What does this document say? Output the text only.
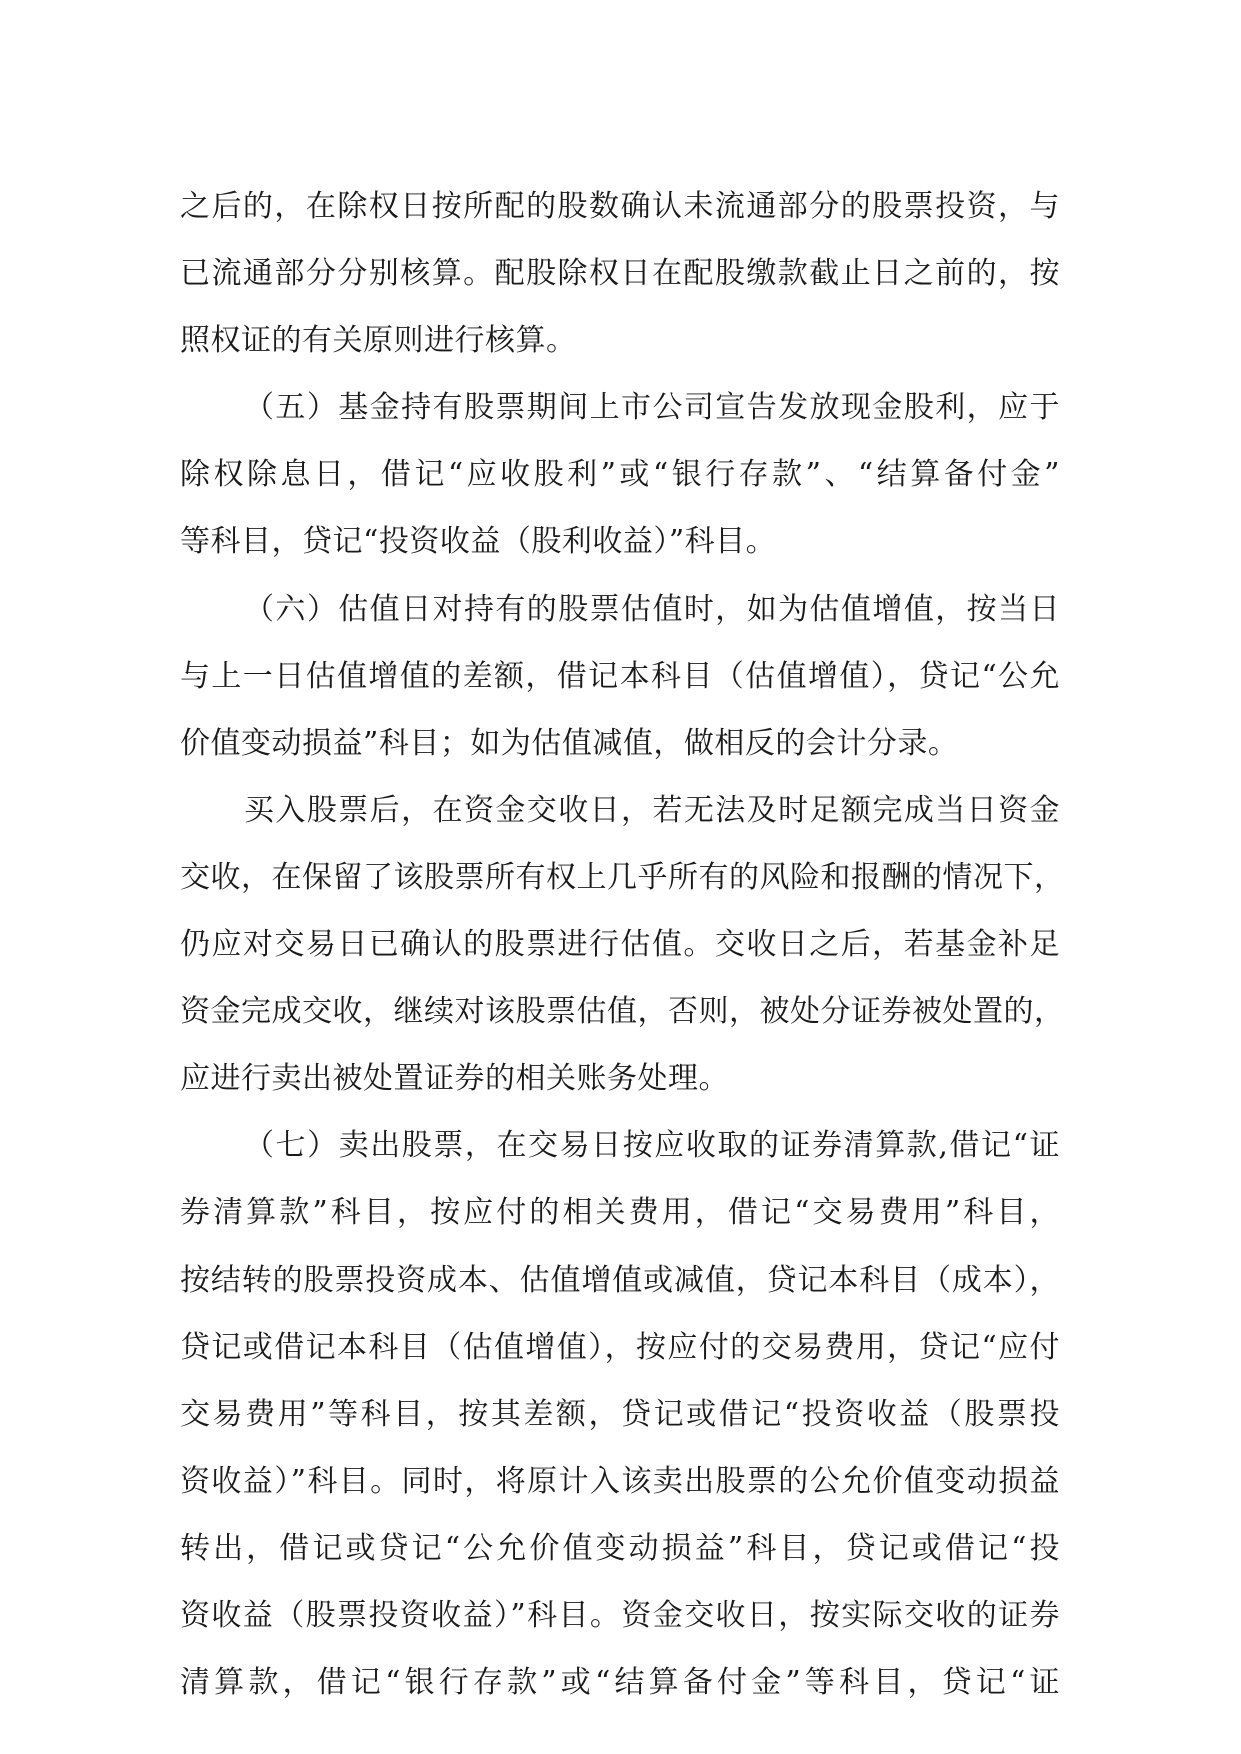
之后的，在除权日按所配的股数确认未流通部分的股票投资，与
已流通部分分别核算。配股除权日在配股缴款截止日之前的，按
照权证的有关原则进行核算。
（五）基金持有股票期间上市公司宣告发放现金股利，应于
除权除息日，借记“应收股利”或“银行存款”、“结算备付金”
等科目，贷记“投资收益（股利收益）”科目。
（六）估值日对持有的股票估值时，如为估值增值，按当日
与上一日估值增值的差额，借记本科目（估值增值），贷记“公允
价值变动损益”科目；如为估值减值，做相反的会计分录。
买入股票后，在资金交收日，若无法及时足额完成当日资金
交收，在保留了该股票所有权上几乎所有的风险和报酬的情况下，
仍应对交易日已确认的股票进行估值。交收日之后，若基金补足
资金完成交收，继续对该股票估值，否则，被处分证券被处置的，
应进行卖出被处置证券的相关账务处理。
（七）卖出股票，在交易日按应收取的证券清算款,借记“证
券清算款”科目，按应付的相关费用，借记“交易费用”科目，
按结转的股票投资成本、估值增值或减值，贷记本科目（成本），
贷记或借记本科目（估值增值），按应付的交易费用，贷记“应付
交易费用”等科目，按其差额，贷记或借记“投资收益（股票投
资收益）”科目。同时，将原计入该卖出股票的公允价值变动损益
转出，借记或贷记“公允价值变动损益”科目，贷记或借记“投
资收益（股票投资收益）”科目。资金交收日，按实际交收的证券
清算款，借记“银行存款”或“结算备付金”等科目，贷记“证
